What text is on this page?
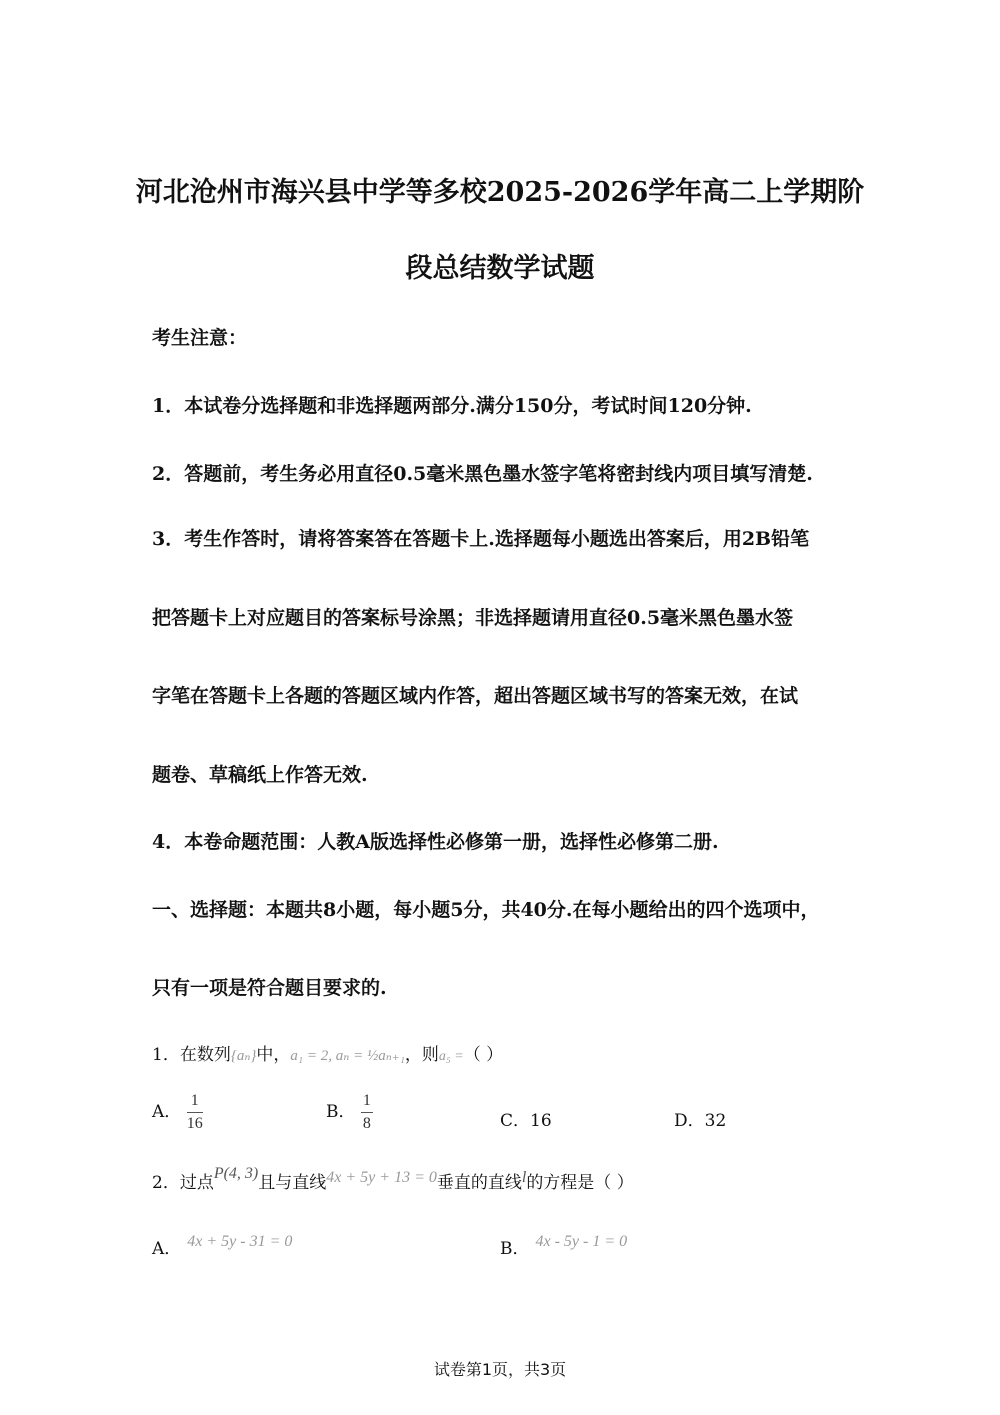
河北沧州市海兴县中学等多校2025-2026学年高二上学期阶
段总结数学试题
考生注意：
1．本试卷分选择题和非选择题两部分.满分150分，考试时间120分钟.
2．答题前，考生务必用直径0.5毫米黑色墨水签字笔将密封线内项目填写清楚.
3．考生作答时，请将答案答在答题卡上.选择题每小题选出答案后，用2B铅笔
把答题卡上对应题目的答案标号涂黑；非选择题请用直径0.5毫米黑色墨水签
字笔在答题卡上各题的答题区域内作答，超出答题区域书写的答案无效，在试
题卷、草稿纸上作答无效.
4．本卷命题范围：人教A版选择性必修第一册，选择性必修第二册.
一、选择题：本题共8小题，每小题5分，共40分.在每小题给出的四个选项中，
只有一项是符合题目要求的.
1．在数列{aₙ}中，a₁ = 2, aₙ = ½aₙ₊₁，则a₅ =（ ）
A． $\frac{1}{16}$	B． $\frac{1}{8}$	C．16	D．32
2．过点P(4, 3)且与直线4x + 5y + 13 = 0垂直的直线l的方程是（ ）
A． 4x + 5y - 31 = 0	B． 4x - 5y - 1 = 0
试卷第1页，共3页
